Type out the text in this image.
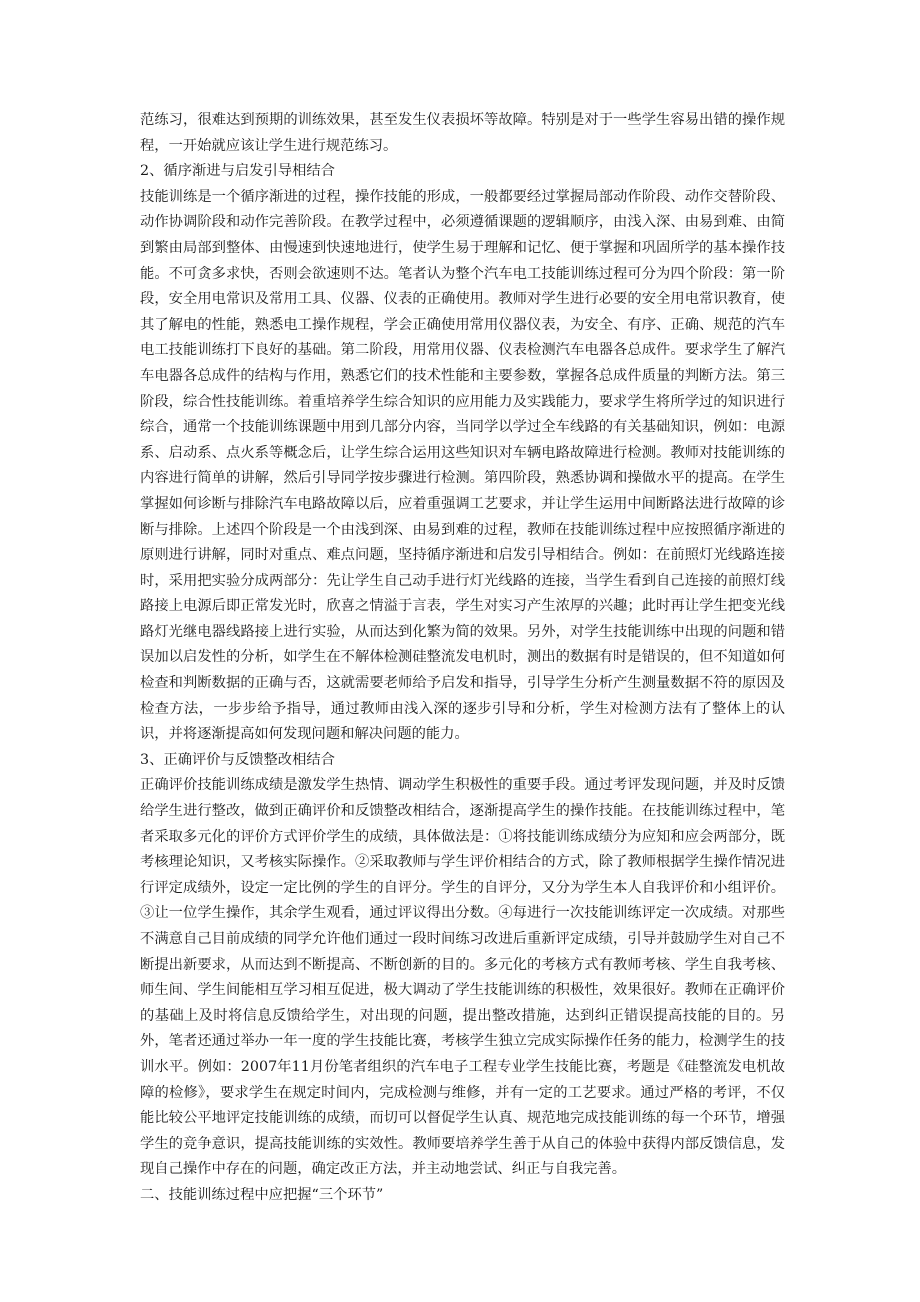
范练习，很难达到预期的训练效果，甚至发生仪表损坏等故障。特别是对于一些学生容易出错的操作规程，一开始就应该让学生进行规范练习。

2、循序渐进与启发引导相结合

技能训练是一个循序渐进的过程，操作技能的形成，一般都要经过掌握局部动作阶段、动作交替阶段、动作协调阶段和动作完善阶段。在教学过程中，必须遵循课题的逻辑顺序，由浅入深、由易到难、由简到繁由局部到整体、由慢速到快速地进行，使学生易于理解和记忆、便于掌握和巩固所学的基本操作技能。不可贪多求快，否则会欲速则不达。笔者认为整个汽车电工技能训练过程可分为四个阶段：第一阶段，安全用电常识及常用工具、仪器、仪表的正确使用。教师对学生进行必要的安全用电常识教育，使其了解电的性能，熟悉电工操作规程，学会正确使用常用仪器仪表，为安全、有序、正确、规范的汽车电工技能训练打下良好的基础。第二阶段，用常用仪器、仪表检测汽车电器各总成件。要求学生了解汽车电器各总成件的结构与作用，熟悉它们的技术性能和主要参数，掌握各总成件质量的判断方法。第三阶段，综合性技能训练。着重培养学生综合知识的应用能力及实践能力，要求学生将所学过的知识进行综合，通常一个技能训练课题中用到几部分内容，当同学以学过全车线路的有关基础知识，例如：电源系、启动系、点火系等概念后，让学生综合运用这些知识对车辆电路故障进行检测。教师对技能训练的内容进行简单的讲解，然后引导同学按步骤进行检测。第四阶段，熟悉协调和操做水平的提高。在学生掌握如何诊断与排除汽车电路故障以后，应着重强调工艺要求，并让学生运用中间断路法进行故障的诊断与排除。上述四个阶段是一个由浅到深、由易到难的过程，教师在技能训练过程中应按照循序渐进的原则进行讲解，同时对重点、难点问题，坚持循序渐进和启发引导相结合。例如：在前照灯光线路连接时，采用把实验分成两部分：先让学生自己动手进行灯光线路的连接，当学生看到自己连接的前照灯线路接上电源后即正常发光时，欣喜之情溢于言表，学生对实习产生浓厚的兴趣；此时再让学生把变光线路灯光继电器线路接上进行实验，从而达到化繁为简的效果。另外，对学生技能训练中出现的问题和错误加以启发性的分析，如学生在不解体检测硅整流发电机时，测出的数据有时是错误的，但不知道如何检查和判断数据的正确与否，这就需要老师给予启发和指导，引导学生分析产生测量数据不符的原因及检查方法，一步步给予指导，通过教师由浅入深的逐步引导和分析，学生对检测方法有了整体上的认识，并将逐渐提高如何发现问题和解决问题的能力。

3、正确评价与反馈整改相结合

正确评价技能训练成绩是激发学生热情、调动学生积极性的重要手段。通过考评发现问题，并及时反馈给学生进行整改，做到正确评价和反馈整改相结合，逐渐提高学生的操作技能。在技能训练过程中，笔者采取多元化的评价方式评价学生的成绩，具体做法是：①将技能训练成绩分为应知和应会两部分，既考核理论知识，又考核实际操作。②采取教师与学生评价相结合的方式，除了教师根据学生操作情况进行评定成绩外，设定一定比例的学生的自评分。学生的自评分，又分为学生本人自我评价和小组评价。③让一位学生操作，其余学生观看，通过评议得出分数。④每进行一次技能训练评定一次成绩。对那些不满意自己目前成绩的同学允许他们通过一段时间练习改进后重新评定成绩，引导并鼓励学生对自己不断提出新要求，从而达到不断提高、不断创新的目的。多元化的考核方式有教师考核、学生自我考核、师生间、学生间能相互学习相互促进，极大调动了学生技能训练的积极性，效果很好。教师在正确评价的基础上及时将信息反馈给学生，对出现的问题，提出整改措施，达到纠正错误提高技能的目的。另外，笔者还通过举办一年一度的学生技能比赛，考核学生独立完成实际操作任务的能力，检测学生的技训水平。例如：2007年11月份笔者组织的汽车电子工程专业学生技能比赛，考题是《硅整流发电机故障的检修》，要求学生在规定时间内，完成检测与维修，并有一定的工艺要求。通过严格的考评，不仅能比较公平地评定技能训练的成绩，而切可以督促学生认真、规范地完成技能训练的每一个环节，增强学生的竞争意识，提高技能训练的实效性。教师要培养学生善于从自己的体验中获得内部反馈信息，发现自己操作中存在的问题，确定改正方法，并主动地尝试、纠正与自我完善。

二、技能训练过程中应把握“三个环节”
